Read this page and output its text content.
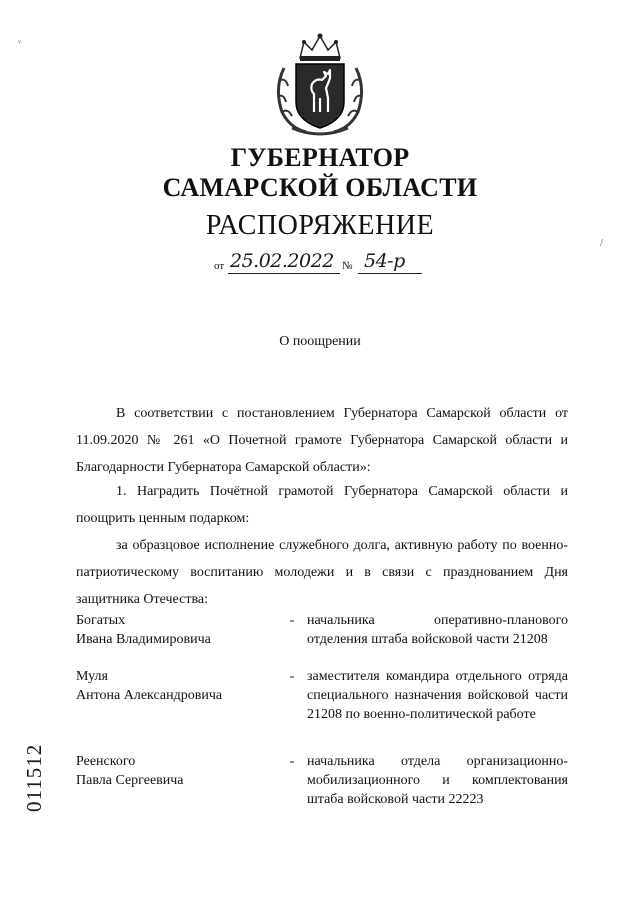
ГУБЕРНАТОР
САМАРСКОЙ ОБЛАСТИ
РАСПОРЯЖЕНИЕ
от 25.02.2022 № 54-р
О поощрении
В соответствии с постановлением Губернатора Самарской области от 11.09.2020 № 261 «О Почетной грамоте Губернатора Самарской области и Благодарности Губернатора Самарской области»:
1. Наградить Почётной грамотой Губернатора Самарской области и поощрить ценным подарком:
за образцовое исполнение служебного долга, активную работу по военно-патриотическому воспитанию молодежи и в связи с празднованием Дня защитника Отечества:
Богатых
Ивана Владимировича
- начальника оперативно-планового отделения штаба войсковой части 21208
Муля
Антона Александровича
- заместителя командира отдельного отряда специального назначения войсковой части 21208 по военно-политической работе
Реенского
Павла Сергеевича
- начальника отдела организационно-мобилизационного и комплектования штаба войсковой части 22223
011512
ᵛ
/
